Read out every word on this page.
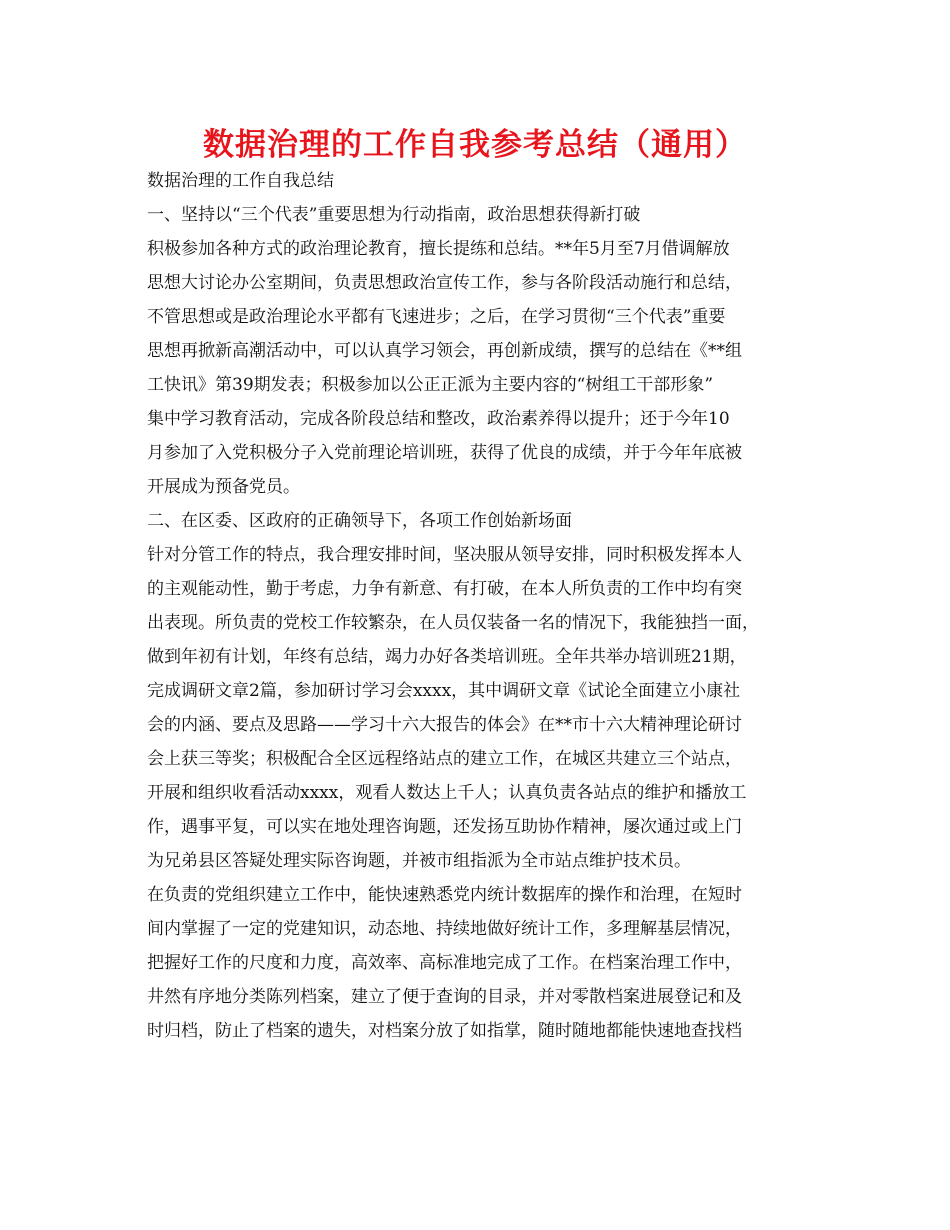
数据治理的工作自我参考总结（通用）
数据治理的工作自我总结
一、坚持以“三个代表”重要思想为行动指南，政治思想获得新打破
积极参加各种方式的政治理论教育，擅长提练和总结。**年5月至7月借调解放
思想大讨论办公室期间，负责思想政治宣传工作，参与各阶段活动施行和总结，
不管思想或是政治理论水平都有飞速进步；之后，在学习贯彻“三个代表”重要
思想再掀新高潮活动中，可以认真学习领会，再创新成绩，撰写的总结在《**组
工快讯》第39期发表；积极参加以公正正派为主要内容的“树组工干部形象”
集中学习教育活动，完成各阶段总结和整改，政治素养得以提升；还于今年10
月参加了入党积极分子入党前理论培训班，获得了优良的成绩，并于今年年底被
开展成为预备党员。
二、在区委、区政府的正确领导下，各项工作创始新场面
针对分管工作的特点，我合理安排时间，坚决服从领导安排，同时积极发挥本人
的主观能动性，勤于考虑，力争有新意、有打破，在本人所负责的工作中均有突
出表现。所负责的党校工作较繁杂，在人员仅装备一名的情况下，我能独挡一面，
做到年初有计划，年终有总结，竭力办好各类培训班。全年共举办培训班21期，
完成调研文章2篇，参加研讨学习会xxxx，其中调研文章《试论全面建立小康社
会的内涵、要点及思路——学习十六大报告的体会》在**市十六大精神理论研讨
会上获三等奖；积极配合全区远程络站点的建立工作，在城区共建立三个站点，
开展和组织收看活动xxxx，观看人数达上千人；认真负责各站点的维护和播放工
作，遇事平复，可以实在地处理咨询题，还发扬互助协作精神，屡次通过或上门
为兄弟县区答疑处理实际咨询题，并被市组指派为全市站点维护技术员。
在负责的党组织建立工作中，能快速熟悉党内统计数据库的操作和治理，在短时
间内掌握了一定的党建知识，动态地、持续地做好统计工作，多理解基层情况，
把握好工作的尺度和力度，高效率、高标准地完成了工作。在档案治理工作中，
井然有序地分类陈列档案，建立了便于查询的目录，并对零散档案进展登记和及
时归档，防止了档案的遗失，对档案分放了如指掌，随时随地都能快速地查找档
